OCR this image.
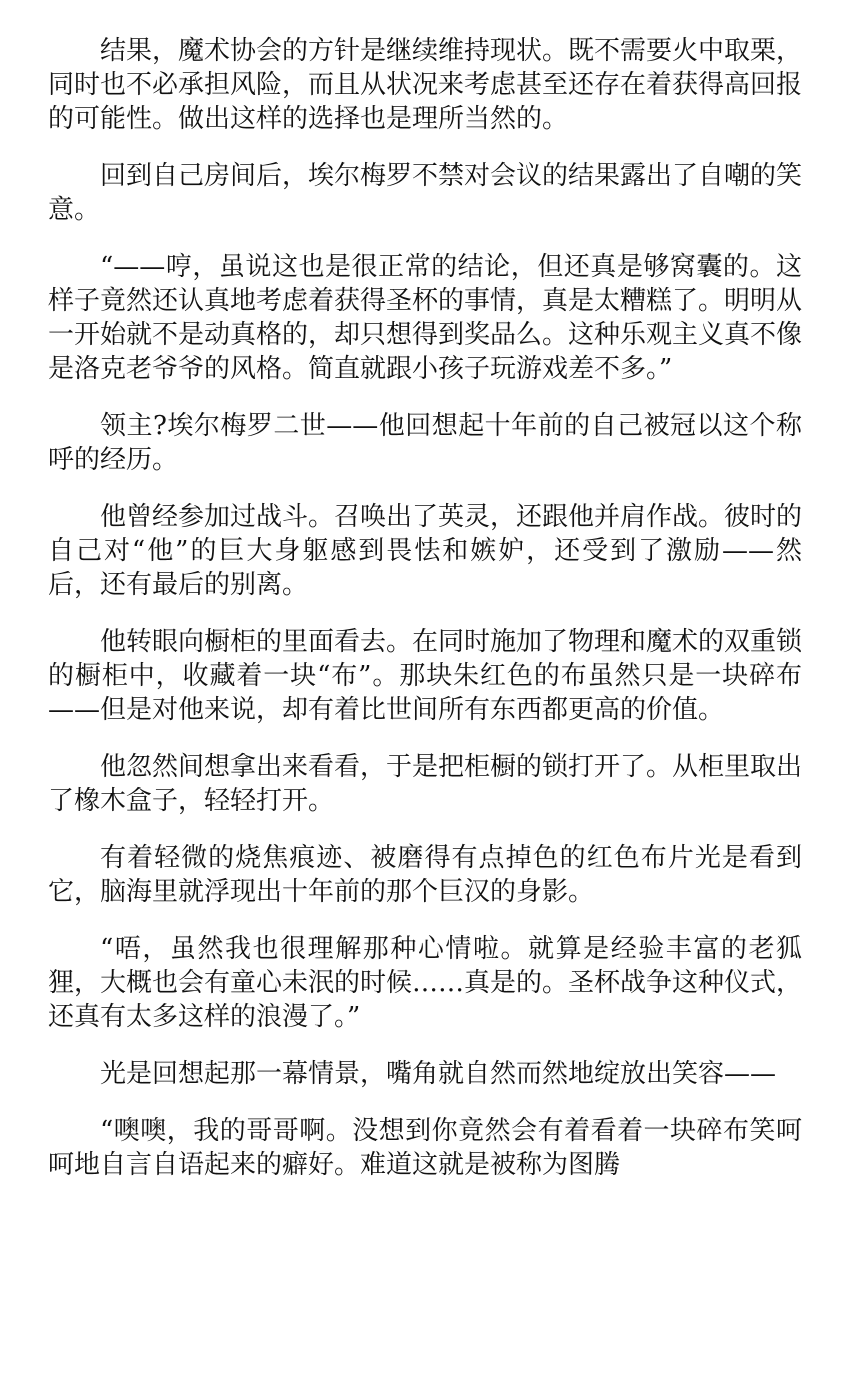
结果，魔术协会的方针是继续维持现状。既不需要火中取栗，同时也不必承担风险，而且从状况来考虑甚至还存在着获得高回报的可能性。做出这样的选择也是理所当然的。

回到自己房间后，埃尔梅罗不禁对会议的结果露出了自嘲的笑意。

“——哼，虽说这也是很正常的结论，但还真是够窝囊的。这样子竟然还认真地考虑着获得圣杯的事情，真是太糟糕了。明明从一开始就不是动真格的，却只想得到奖品么。这种乐观主义真不像是洛克老爷爷的风格。简直就跟小孩子玩游戏差不多。”

领主?埃尔梅罗二世——他回想起十年前的自己被冠以这个称呼的经历。

他曾经参加过战斗。召唤出了英灵，还跟他并肩作战。彼时的自己对“他”的巨大身躯感到畏怯和嫉妒，还受到了激励——然后，还有最后的别离。

他转眼向橱柜的里面看去。在同时施加了物理和魔术的双重锁的橱柜中，收藏着一块“布”。那块朱红色的布虽然只是一块碎布——但是对他来说，却有着比世间所有东西都更高的价值。

他忽然间想拿出来看看，于是把柜橱的锁打开了。从柜里取出了橡木盒子，轻轻打开。

有着轻微的烧焦痕迹、被磨得有点掉色的红色布片光是看到它，脑海里就浮现出十年前的那个巨汉的身影。

“唔，虽然我也很理解那种心情啦。就算是经验丰富的老狐狸，大概也会有童心未泯的时候……真是的。圣杯战争这种仪式，还真有太多这样的浪漫了。”

光是回想起那一幕情景，嘴角就自然而然地绽放出笑容——

“噢噢，我的哥哥啊。没想到你竟然会有着看着一块碎布笑呵呵地自言自语起来的癖好。难道这就是被称为图腾
